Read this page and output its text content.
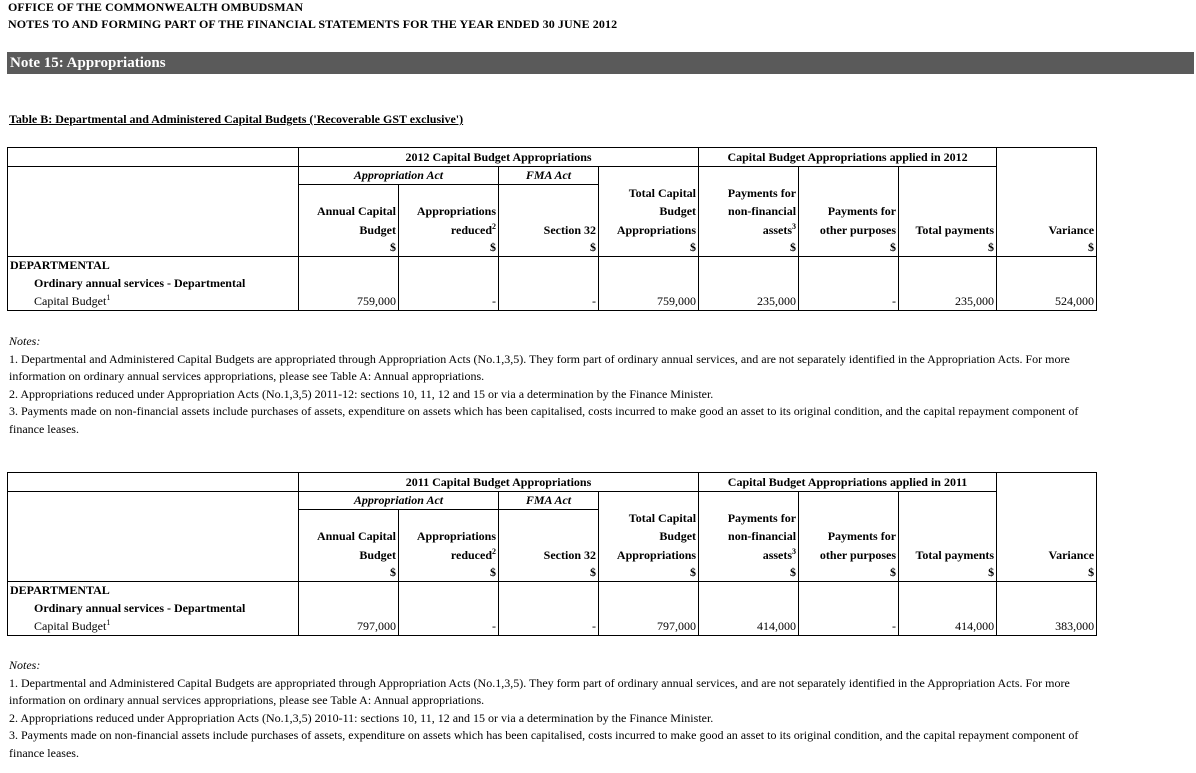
OFFICE OF THE COMMONWEALTH OMBUDSMAN
NOTES TO AND FORMING PART OF THE FINANCIAL STATEMENTS FOR THE YEAR ENDED 30 JUNE 2012
Note 15: Appropriations
Table B: Departmental and Administered Capital Budgets ('Recoverable GST exclusive')
	2012 Capital Budget Appropriations				Capital Budget Appropriations applied in 2012			
	Appropriation Act		FMA Act					
				Total Capital	Payments for			
	Annual Capital	Appropriations		Budget	non-financial	Payments for		
	Budget	reduced$^2$	Section 32	Appropriations	assets$^3$	other purposes	Total payments	Variance
	$	$	$	$	$	$	$	$
DEPARTMENTAL								
Ordinary annual services - Departmental								
Capital Budget$^1$	759,000	-	-	759,000	235,000	-	235,000	524,000

Notes:

1. Departmental and Administered Capital Budgets are appropriated through Appropriation Acts (No.1,3,5). They form part of ordinary annual services, and are not separately identified in the Appropriation Acts. For more information on ordinary annual services appropriations, please see Table A: Annual appropriations.

2. Appropriations reduced under Appropriation Acts (No.1,3,5) 2011-12: sections 10, 11, 12 and 15 or via a determination by the Finance Minister.

3. Payments made on non-financial assets include purchases of assets, expenditure on assets which has been capitalised, costs incurred to make good an asset to its original condition, and the capital repayment component of finance leases.

	2011 Capital Budget Appropriations				Capital Budget Appropriations applied in 2011			
	Appropriation Act		FMA Act					
				Total Capital	Payments for			
	Annual Capital	Appropriations		Budget	non-financial	Payments for		
	Budget	reduced$^2$	Section 32	Appropriations	assets$^3$	other purposes	Total payments	Variance
	$	$	$	$	$	$	$	$
DEPARTMENTAL								
Ordinary annual services - Departmental								
Capital Budget$^1$	797,000	-	-	797,000	414,000	-	414,000	383,000

Notes:

1. Departmental and Administered Capital Budgets are appropriated through Appropriation Acts (No.1,3,5). They form part of ordinary annual services, and are not separately identified in the Appropriation Acts. For more information on ordinary annual services appropriations, please see Table A: Annual appropriations.

2. Appropriations reduced under Appropriation Acts (No.1,3,5) 2010-11: sections 10, 11, 12 and 15 or via a determination by the Finance Minister.

3. Payments made on non-financial assets include purchases of assets, expenditure on assets which has been capitalised, costs incurred to make good an asset to its original condition, and the capital repayment component of finance leases.
